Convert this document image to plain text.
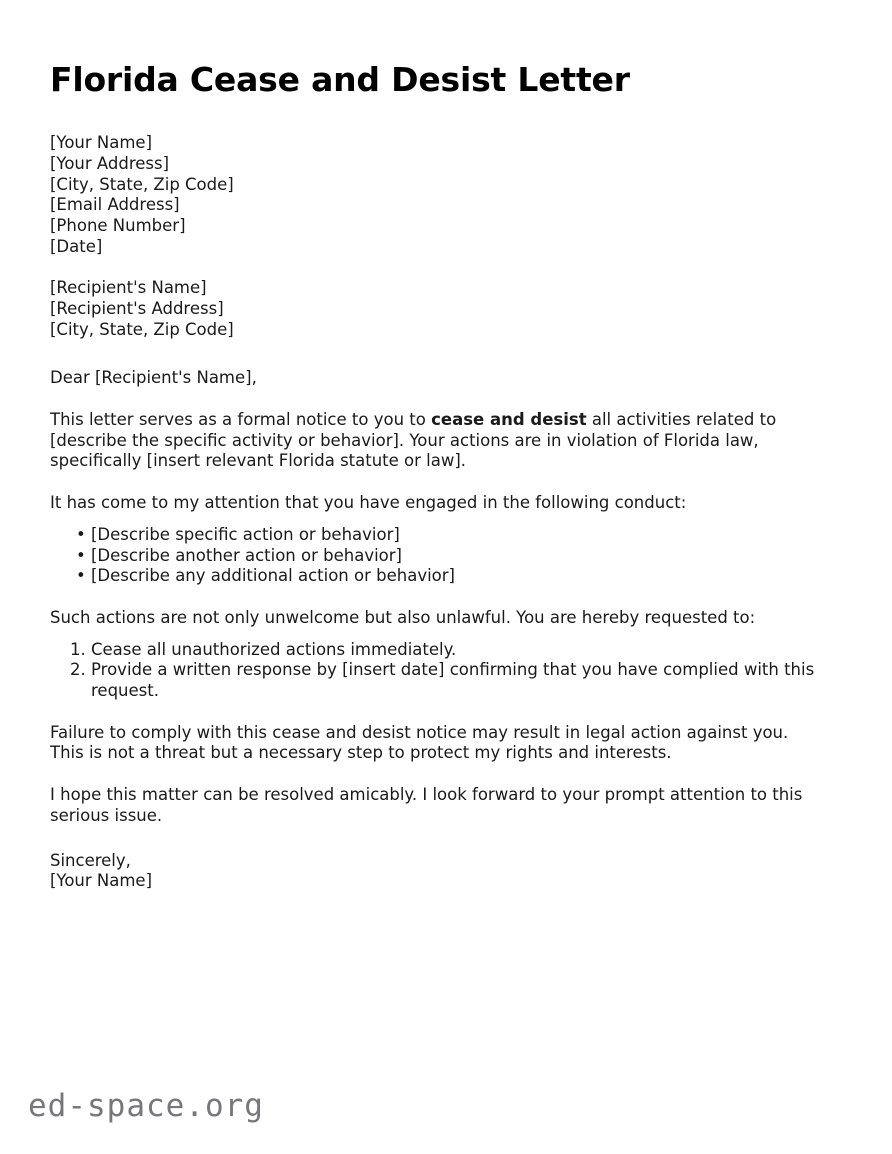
Florida Cease and Desist Letter
[Your Name]
[Your Address]
[City, State, Zip Code]
[Email Address]
[Phone Number]
[Date]
[Recipient's Name]
[Recipient's Address]
[City, State, Zip Code]

Dear [Recipient's Name],

This letter serves as a formal notice to you to cease and desist all activities related to [describe the specific activity or behavior]. Your actions are in violation of Florida law, specifically [insert relevant Florida statute or law].

It has come to my attention that you have engaged in the following conduct:

• [Describe specific action or behavior]
• [Describe another action or behavior]
• [Describe any additional action or behavior]

Such actions are not only unwelcome but also unlawful. You are hereby requested to:

1. Cease all unauthorized actions immediately.
2. Provide a written response by [insert date] confirming that you have complied with this request.

Failure to comply with this cease and desist notice may result in legal action against you. This is not a threat but a necessary step to protect my rights and interests.

I hope this matter can be resolved amicably. I look forward to your prompt attention to this serious issue.

Sincerely,
[Your Name]
ed-space.org
